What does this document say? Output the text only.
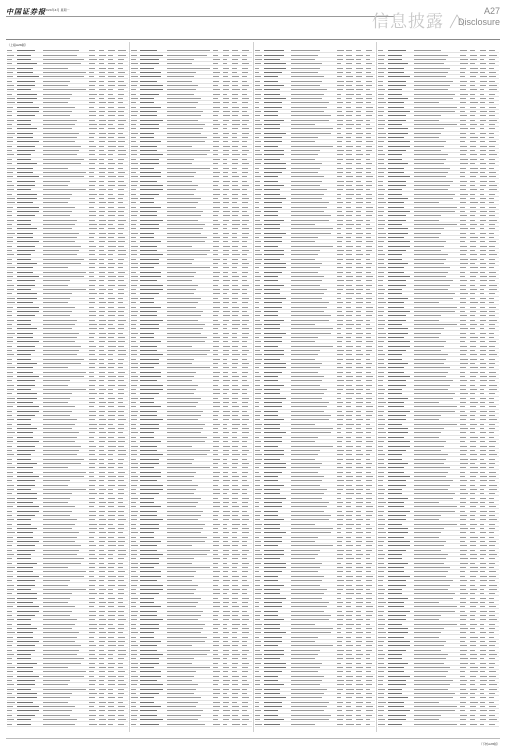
中国证券报
2024年4月 星期一
信息披露
A27
Disclosure
（上接A26版）
（下转A28版）
